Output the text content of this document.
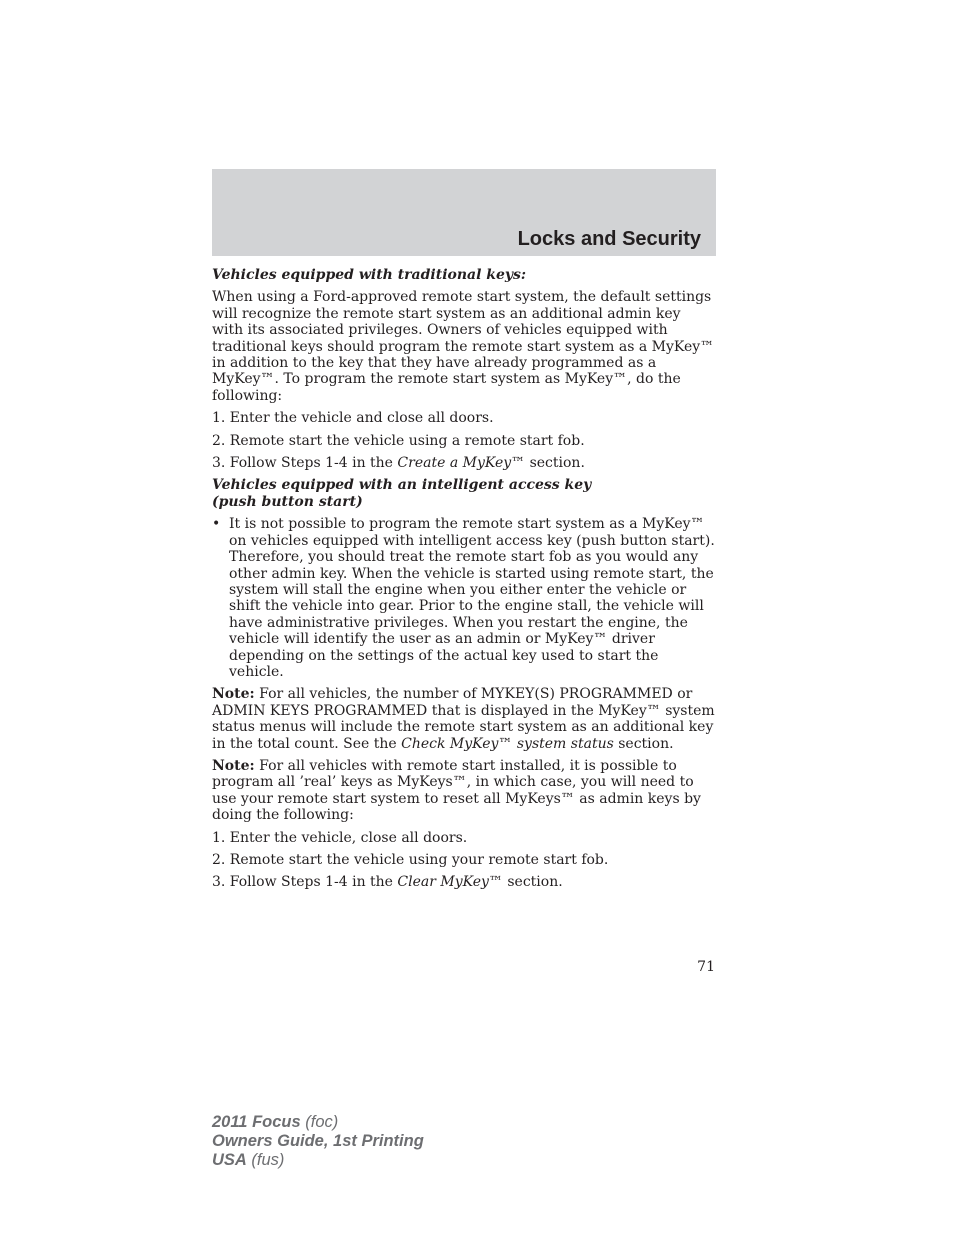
Locks and Security

Vehicles equipped with traditional keys:

When using a Ford-approved remote start system, the default settings will recognize the remote start system as an additional admin key with its associated privileges. Owners of vehicles equipped with traditional keys should program the remote start system as a MyKey™ in addition to the key that they have already programmed as a MyKey™. To program the remote start system as MyKey™, do the following:

1. Enter the vehicle and close all doors.

2. Remote start the vehicle using a remote start fob.

3. Follow Steps 1-4 in the Create a MyKey™ section.

Vehicles equipped with an intelligent access key
(push button start)

• It is not possible to program the remote start system as a MyKey™ on vehicles equipped with intelligent access key (push button start). Therefore, you should treat the remote start fob as you would any other admin key. When the vehicle is started using remote start, the system will stall the engine when you either enter the vehicle or shift the vehicle into gear. Prior to the engine stall, the vehicle will have administrative privileges. When you restart the engine, the vehicle will identify the user as an admin or MyKey™ driver depending on the settings of the actual key used to start the vehicle.

Note: For all vehicles, the number of MYKEY(S) PROGRAMMED or ADMIN KEYS PROGRAMMED that is displayed in the MyKey™ system status menus will include the remote start system as an additional key in the total count. See the Check MyKey™ system status section.

Note: For all vehicles with remote start installed, it is possible to program all ’real’ keys as MyKeys™, in which case, you will need to use your remote start system to reset all MyKeys™ as admin keys by doing the following:

1. Enter the vehicle, close all doors.

2. Remote start the vehicle using your remote start fob.

3. Follow Steps 1-4 in the Clear MyKey™ section.

71
2011 Focus (foc)
Owners Guide, 1st Printing
USA (fus)
